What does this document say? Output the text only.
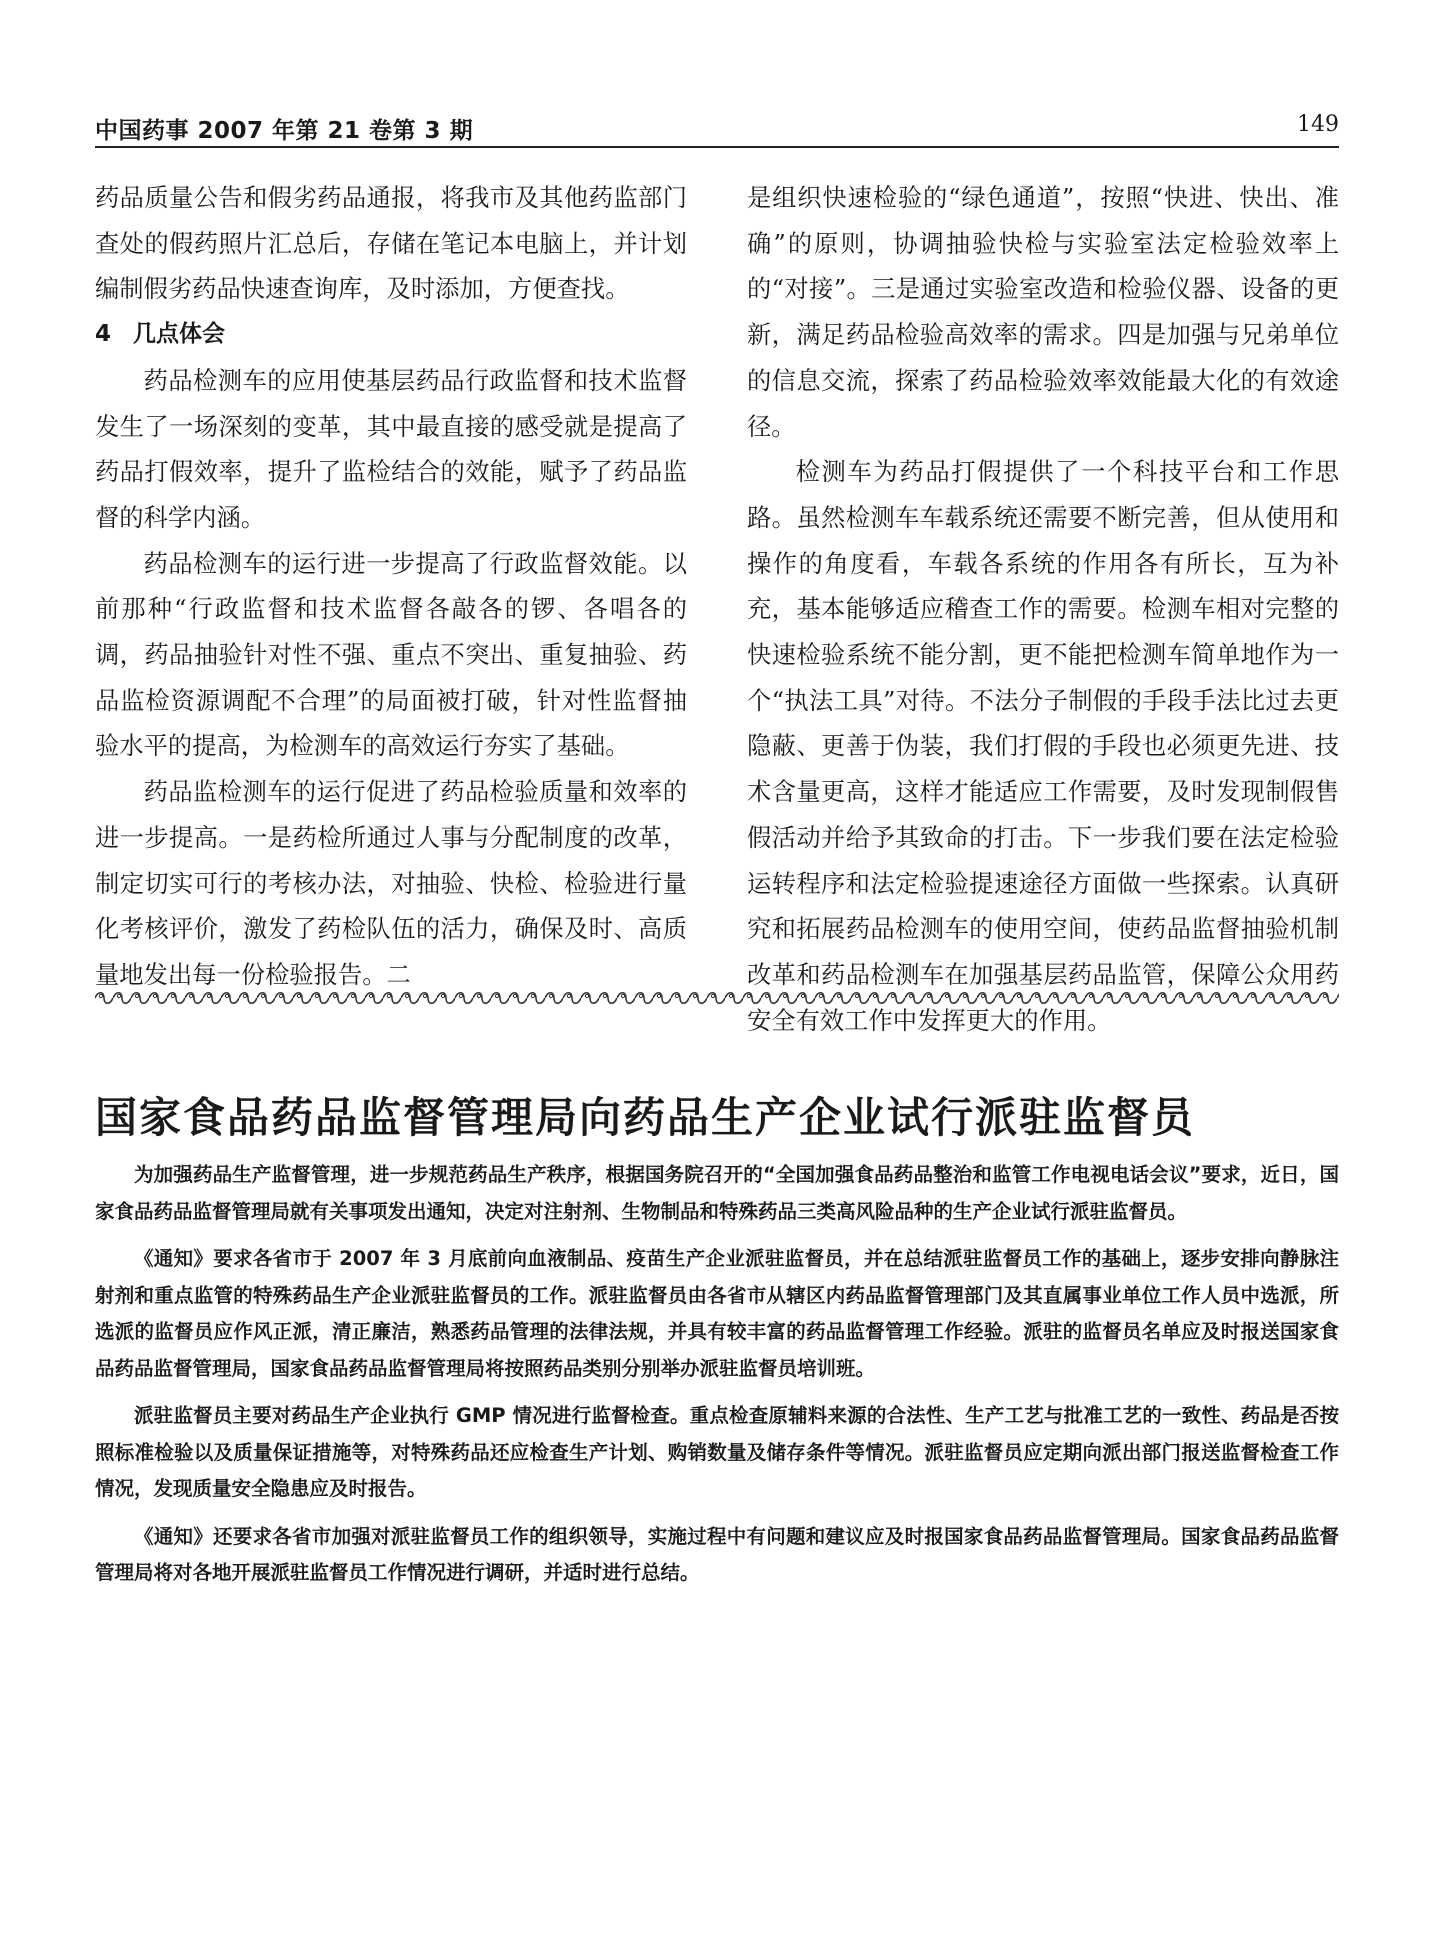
中国药事 2007 年第 21 卷第 3 期	149

药品质量公告和假劣药品通报，将我市及其他药监部门查处的假药照片汇总后，存储在笔记本电脑上，并计划编制假劣药品快速查询库，及时添加，方便查找。

4 几点体会

药品检测车的应用使基层药品行政监督和技术监督发生了一场深刻的变革，其中最直接的感受就是提高了药品打假效率，提升了监检结合的效能，赋予了药品监督的科学内涵。

药品检测车的运行进一步提高了行政监督效能。以前那种“行政监督和技术监督各敲各的锣、各唱各的调，药品抽验针对性不强、重点不突出、重复抽验、药品监检资源调配不合理”的局面被打破，针对性监督抽验水平的提高，为检测车的高效运行夯实了基础。

药品监检测车的运行促进了药品检验质量和效率的进一步提高。一是药检所通过人事与分配制度的改革，制定切实可行的考核办法，对抽验、快检、检验进行量化考核评价，激发了药检队伍的活力，确保及时、高质量地发出每一份检验报告。二

是组织快速检验的“绿色通道”，按照“快进、快出、准确”的原则，协调抽验快检与实验室法定检验效率上的“对接”。三是通过实验室改造和检验仪器、设备的更新，满足药品检验高效率的需求。四是加强与兄弟单位的信息交流，探索了药品检验效率效能最大化的有效途径。

检测车为药品打假提供了一个科技平台和工作思路。虽然检测车车载系统还需要不断完善，但从使用和操作的角度看，车载各系统的作用各有所长，互为补充，基本能够适应稽查工作的需要。检测车相对完整的快速检验系统不能分割，更不能把检测车简单地作为一个“执法工具”对待。不法分子制假的手段手法比过去更隐蔽、更善于伪装，我们打假的手段也必须更先进、技术含量更高，这样才能适应工作需要，及时发现制假售假活动并给予其致命的打击。下一步我们要在法定检验运转程序和法定检验提速途径方面做一些探索。认真研究和拓展药品检测车的使用空间，使药品监督抽验机制改革和药品检测车在加强基层药品监管，保障公众用药安全有效工作中发挥更大的作用。

国家食品药品监督管理局向药品生产企业试行派驻监督员

为加强药品生产监督管理，进一步规范药品生产秩序，根据国务院召开的“全国加强食品药品整治和监管工作电视电话会议”要求，近日，国家食品药品监督管理局就有关事项发出通知，决定对注射剂、生物制品和特殊药品三类高风险品种的生产企业试行派驻监督员。

《通知》要求各省市于 2007 年 3 月底前向血液制品、疫苗生产企业派驻监督员，并在总结派驻监督员工作的基础上，逐步安排向静脉注射剂和重点监管的特殊药品生产企业派驻监督员的工作。派驻监督员由各省市从辖区内药品监督管理部门及其直属事业单位工作人员中选派，所选派的监督员应作风正派，清正廉洁，熟悉药品管理的法律法规，并具有较丰富的药品监督管理工作经验。派驻的监督员名单应及时报送国家食品药品监督管理局，国家食品药品监督管理局将按照药品类别分别举办派驻监督员培训班。

派驻监督员主要对药品生产企业执行 GMP 情况进行监督检查。重点检查原辅料来源的合法性、生产工艺与批准工艺的一致性、药品是否按照标准检验以及质量保证措施等，对特殊药品还应检查生产计划、购销数量及储存条件等情况。派驻监督员应定期向派出部门报送监督检查工作情况，发现质量安全隐患应及时报告。

《通知》还要求各省市加强对派驻监督员工作的组织领导，实施过程中有问题和建议应及时报国家食品药品监督管理局。国家食品药品监督管理局将对各地开展派驻监督员工作情况进行调研，并适时进行总结。
